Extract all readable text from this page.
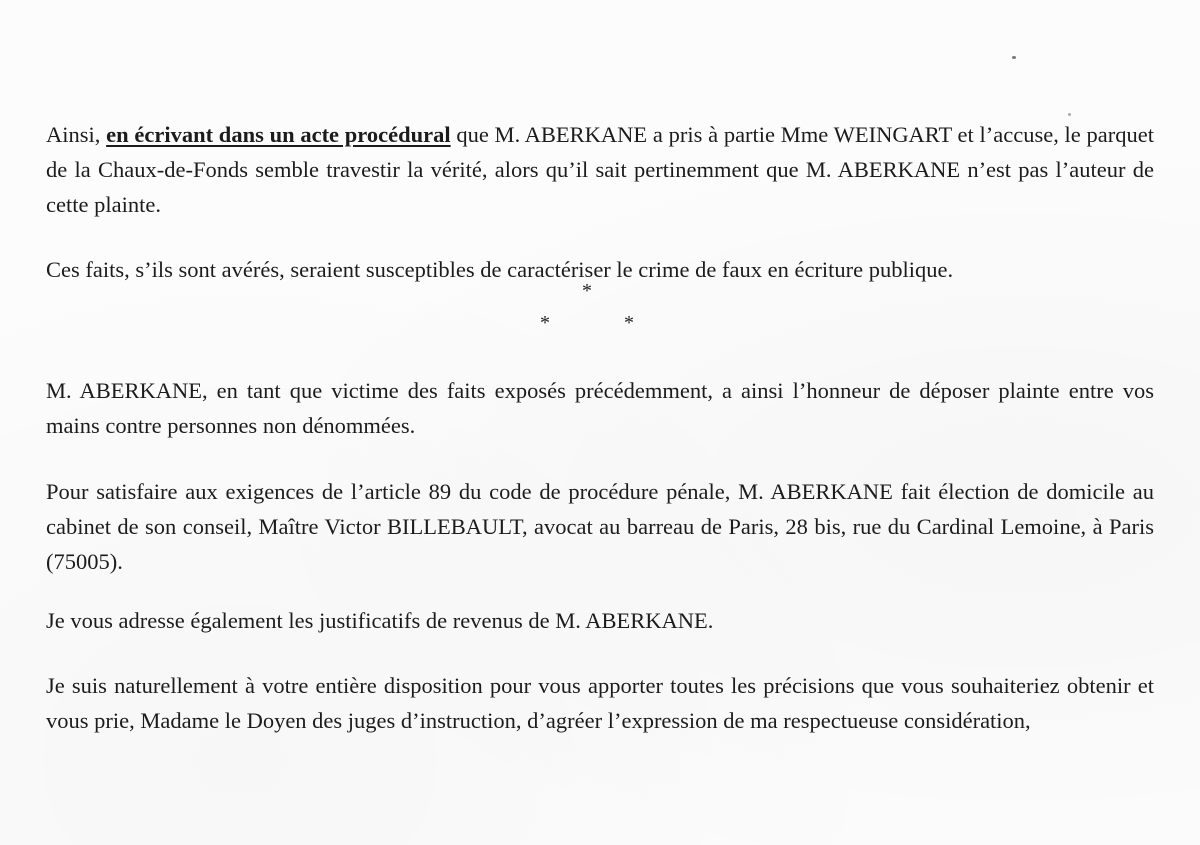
Ainsi, en écrivant dans un acte procédural que M. ABERKANE a pris à partie Mme WEINGART et l’accuse, le parquet de la Chaux-de-Fonds semble travestir la vérité, alors qu’il sait pertinemment que M. ABERKANE n’est pas l’auteur de cette plainte.

Ces faits, s’ils sont avérés, seraient susceptibles de caractériser le crime de faux en écriture publique.

*
*	*

M. ABERKANE, en tant que victime des faits exposés précédemment, a ainsi l’honneur de déposer plainte entre vos mains contre personnes non dénommées.

Pour satisfaire aux exigences de l’article 89 du code de procédure pénale, M. ABERKANE fait élection de domicile au cabinet de son conseil, Maître Victor BILLEBAULT, avocat au barreau de Paris, 28 bis, rue du Cardinal Lemoine, à Paris (75005).

Je vous adresse également les justificatifs de revenus de M. ABERKANE.

Je suis naturellement à votre entière disposition pour vous apporter toutes les précisions que vous souhaiteriez obtenir et vous prie, Madame le Doyen des juges d’instruction, d’agréer l’expression de ma respectueuse considération,
